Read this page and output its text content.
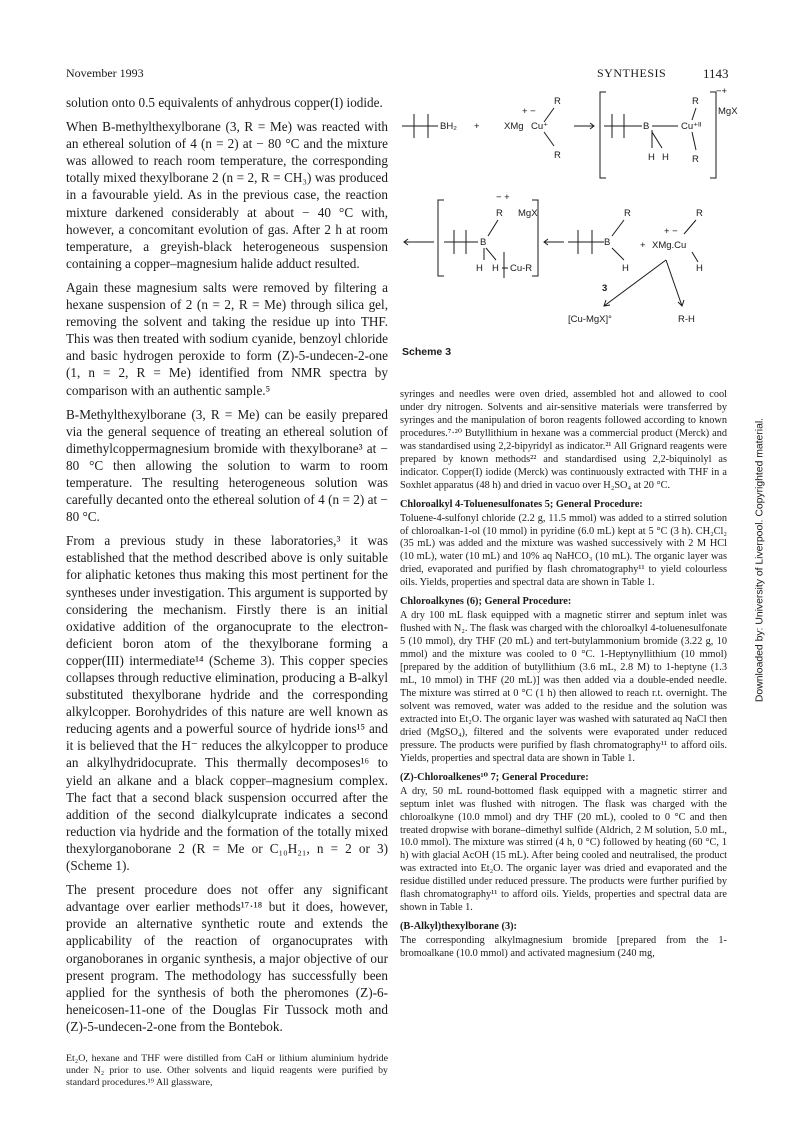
November 1993	SYNTHESIS	1143

solution onto 0.5 equivalents of anhydrous copper(I) iodide.

When B-methylthexylborane (3, R = Me) was reacted with an ethereal solution of 4 (n = 2) at − 80 °C and the mixture was allowed to reach room temperature, the corresponding totally mixed thexylborane 2 (n = 2, R = CH₃) was produced in a favourable yield. As in the previous case, the reaction mixture darkened considerably at about − 40 °C with, however, a concomitant evolution of gas. After 2 h at room temperature, a greyish-black heterogeneous suspension containing a copper–magnesium halide adduct resulted.

Again these magnesium salts were removed by filtering a hexane suspension of 2 (n = 2, R = Me) through silica gel, removing the solvent and taking the residue up into THF. This was then treated with sodium cyanide, benzoyl chloride and basic hydrogen peroxide to form (Z)-5-undecen-2-one (1, n = 2, R = Me) identified from NMR spectra by comparison with an authentic sample.⁵

B-Methylthexylborane (3, R = Me) can be easily prepared via the general sequence of treating an ethereal solution of dimethylcoppermagnesium bromide with thexylborane³ at − 80 °C then allowing the solution to warm to room temperature. The resulting heterogeneous solution was carefully decanted onto the ethereal solution of 4 (n = 2) at − 80 °C.

From a previous study in these laboratories,³ it was established that the method described above is only suitable for aliphatic ketones thus making this most pertinent for the syntheses under investigation. This argument is supported by considering the mechanism. Firstly there is an initial oxidative addition of the organocuprate to the electron-deficient boron atom of the thexylborane forming a copper(III) intermediate¹⁴ (Scheme 3). This copper species collapses through reductive elimination, producing a B-alkyl substituted thexylborane hydride and the corresponding alkylcopper. Borohydrides of this nature are well known as reducing agents and a powerful source of hydride ions¹⁵ and it is believed that the H⁻ reduces the alkylcopper to produce an alkylhydridocuprate. This thermally decomposes¹⁶ to yield an alkane and a black copper–magnesium complex. The fact that a second black suspension occurred after the addition of the second dialkylcuprate indicates a second reduction via hydride and the formation of the totally mixed thexylorganoborane 2 (R = Me or C₁₀H₂₁, n = 2 or 3) (Scheme 1).

The present procedure does not offer any significant advantage over earlier methods¹⁷·¹⁸ but it does, however, provide an alternative synthetic route and extends the applicability of the reaction of organocuprates with organoboranes in organic synthesis, a major objective of our present program. The methodology has successfully been applied for the synthesis of both the pheromones (Z)-6-heneicosen-11-one of the Douglas Fir Tussock moth and (Z)-5-undecen-2-one from the Bontebok.

Et₂O, hexane and THF were distilled from CaH or lithium aluminium hydride under N₂ prior to use. Other solvents and liquid reagents were purified by standard procedures.¹⁹ All glassware,

BH₂ +	XMg Cu⁺
+ −
R
R
B	Cu⁺ᴵᴵ
H H
R
R
−+
MgX
− +
MgX
B
R
H H Cu-R
B
R
H
3
+
+ −
R
XMg.Cu
H
[Cu-MgX]°	R-H
Scheme 3

syringes and needles were oven dried, assembled hot and allowed to cool under dry nitrogen. Solvents and air-sensitive materials were transferred by syringes and the manipulation of boron reagents followed according to known procedures.⁷·²⁰ Butyllithium in hexane was a commercial product (Merck) and was standardised using 2,2-bipyridyl as indicator.²¹ All Grignard reagents were prepared by known methods²² and standardised using 2,2-biquinolyl as indicator. Copper(I) iodide (Merck) was continuously extracted with THF in a Soxhlet apparatus (48 h) and dried in vacuo over H₂SO₄ at 20 °C.

Chloroalkyl 4-Toluenesulfonates 5; General Procedure:

Toluene-4-sulfonyl chloride (2.2 g, 11.5 mmol) was added to a stirred solution of chloroalkan-1-ol (10 mmol) in pyridine (6.0 mL) kept at 5 °C (3 h). CH₂Cl₂ (35 mL) was added and the mixture was washed successively with 2 M HCl (10 mL), water (10 mL) and 10% aq NaHCO₃ (10 mL). The organic layer was dried, evaporated and purified by flash chromatography¹¹ to yield colourless oils. Yields, properties and spectral data are shown in Table 1.

Chloroalkynes (6); General Procedure:

A dry 100 mL flask equipped with a magnetic stirrer and septum inlet was flushed with N₂. The flask was charged with the chloroalkyl 4-toluenesulfonate 5 (10 mmol), dry THF (20 mL) and tert-butylammonium bromide (3.22 g, 10 mmol) and the mixture was cooled to 0 °C. 1-Heptynyllithium (10 mmol) [prepared by the addition of butyllithium (3.6 mL, 2.8 M) to 1-heptyne (1.3 mL, 10 mmol) in THF (20 mL)] was then added via a double-ended needle. The mixture was stirred at 0 °C (1 h) then allowed to reach r.t. overnight. The solvent was removed, water was added to the residue and the solution was extracted into Et₂O. The organic layer was washed with saturated aq NaCl then dried (MgSO₄), filtered and the solvents were evaporated under reduced pressure. The products were purified by flash chromatography¹¹ to afford oils. Yields, properties and spectral data are shown in Table 1.

(Z)-Chloroalkenes¹⁰ 7; General Procedure:

A dry, 50 mL round-bottomed flask equipped with a magnetic stirrer and septum inlet was flushed with nitrogen. The flask was charged with the chloroalkyne (10.0 mmol) and dry THF (20 mL), cooled to 0 °C and then treated dropwise with borane–dimethyl sulfide (Aldrich, 2 M solution, 5.0 mL, 10.0 mmol). The mixture was stirred (4 h, 0 °C) followed by heating (60 °C, 1 h) with glacial AcOH (15 mL). After being cooled and neutralised, the product was extracted into Et₂O. The organic layer was dried and evaporated and the residue distilled under reduced pressure. The products were further purified by flash chromatography¹¹ to afford oils. Yields, properties and spectral data are shown in Table 1.

(B-Alkyl)thexylborane (3):

The corresponding alkylmagnesium bromide [prepared from the 1-bromoalkane (10.0 mmol) and activated magnesium (240 mg,

Downloaded by: University of Liverpool. Copyrighted material.
